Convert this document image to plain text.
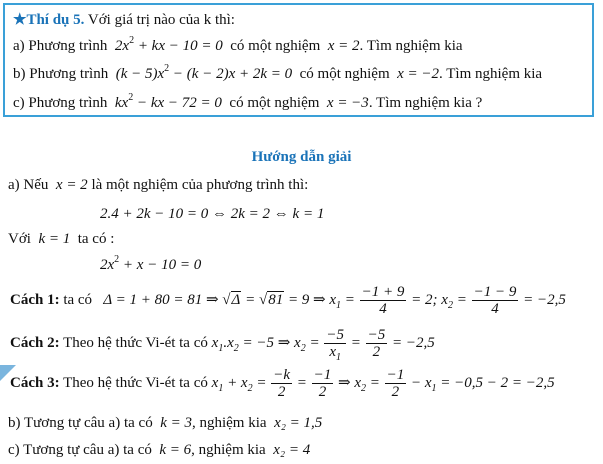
★Thí dụ 5. Với giá trị nào của k thì:
a) Phương trình $2x^2$ + kx − 10 = 0 có một nghiệm x = 2. Tìm nghiệm kia
b) Phương trình $(k - 5)x^2 - (k - 2)x + 2k = 0$ có một nghiệm x = −2. Tìm nghiệm kia
c) Phương trình $kx^2$ − kx − 72 = 0 có một nghiệm x = −3. Tìm nghiệm kia ?
Hướng dẫn giải
a) Nếu x = 2 là một nghiệm của phương trình thì:
2.4 + 2k − 10 = 0 ⇔ 2k = 2 ⇔ k = 1
Với k = 1 ta có :
$2x^2 + x - 10 = 0$
Cách 1: ta có   Δ = 1 + 80 = 81 ⇒ √Δ = √81 = 9 ⇒ $x_1 = \frac{-1 + 9}{4} = 2$; $x_2 = \frac{-1 - 9}{4} = -2,5$
Cách 2: Theo hệ thức Vi-ét ta có $x_1.x_2 = -5$ ⇒ $x_2 = \frac{-5}{x_1} = \frac{-5}{2} = -2,5$
Cách 3: Theo hệ thức Vi-ét ta có $x_1 + x_2 = \frac{-k}{2} = \frac{-1}{2}$ ⇒ $x_2 = \frac{-1}{2} - x_1 = -0,5 - 2 = -2,5$
b) Tương tự câu a) ta có k = 3, nghiệm kia x₂ = 1,5
c) Tương tự câu a) ta có k = 6, nghiệm kia x₂ = 4
